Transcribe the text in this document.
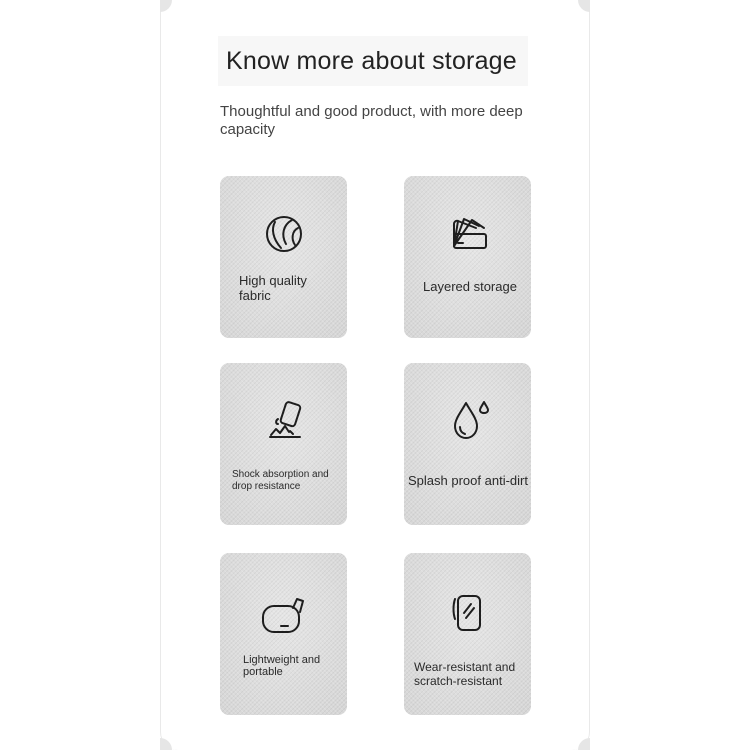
Know more about storage
Thoughtful and good product, with more deep capacity
High quality
fabric
Layered storage
Shock absorption and
drop resistance	Splash proof anti-dirt
Lightweight and
portable	Wear-resistant and
scratch-resistant
